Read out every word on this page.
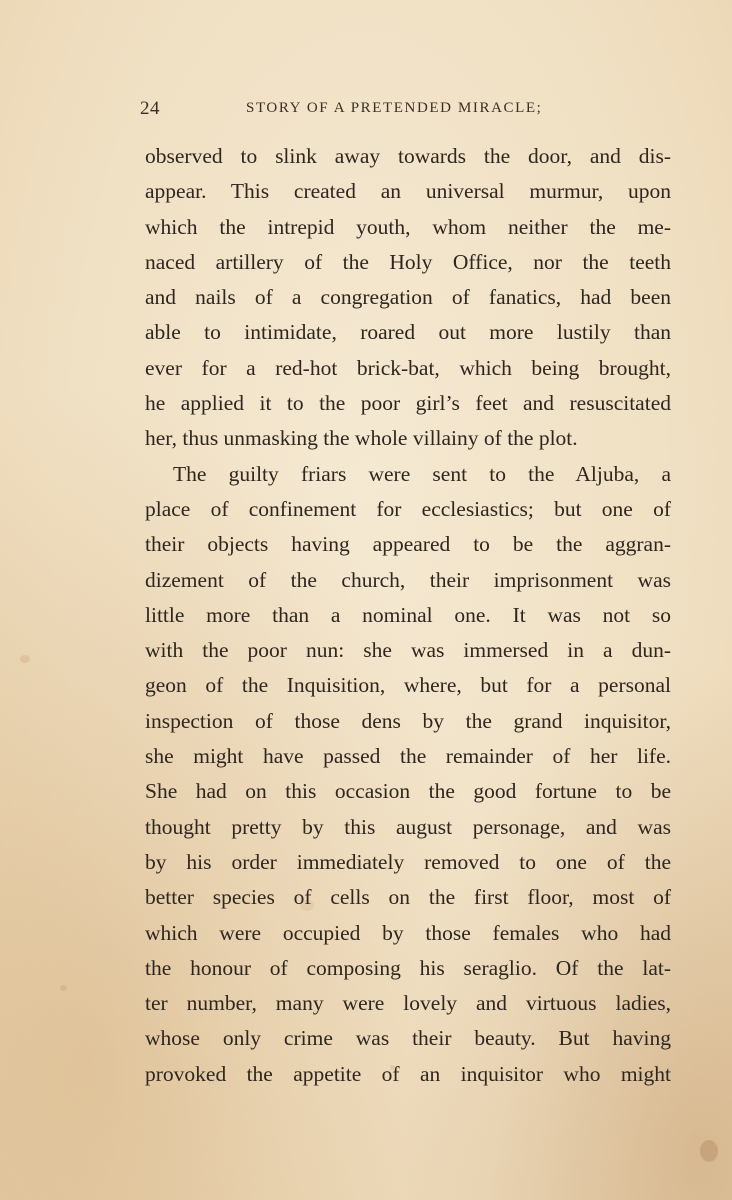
24	STORY OF A PRETENDED MIRACLE;
observed to slink away towards the door, and dis-
appear. This created an universal murmur, upon
which the intrepid youth, whom neither the me-
naced artillery of the Holy Office, nor the teeth
and nails of a congregation of fanatics, had been
able to intimidate, roared out more lustily than
ever for a red-hot brick-bat, which being brought,
he applied it to the poor girl’s feet and resuscitated
her, thus unmasking the whole villainy of the plot.
The guilty friars were sent to the Aljuba, a
place of confinement for ecclesiastics; but one of
their objects having appeared to be the aggran-
dizement of the church, their imprisonment was
little more than a nominal one. It was not so
with the poor nun: she was immersed in a dun-
geon of the Inquisition, where, but for a personal
inspection of those dens by the grand inquisitor,
she might have passed the remainder of her life.
She had on this occasion the good fortune to be
thought pretty by this august personage, and was
by his order immediately removed to one of the
better species of cells on the first floor, most of
which were occupied by those females who had
the honour of composing his seraglio. Of the lat-
ter number, many were lovely and virtuous ladies,
whose only crime was their beauty. But having
provoked the appetite of an inquisitor who might
